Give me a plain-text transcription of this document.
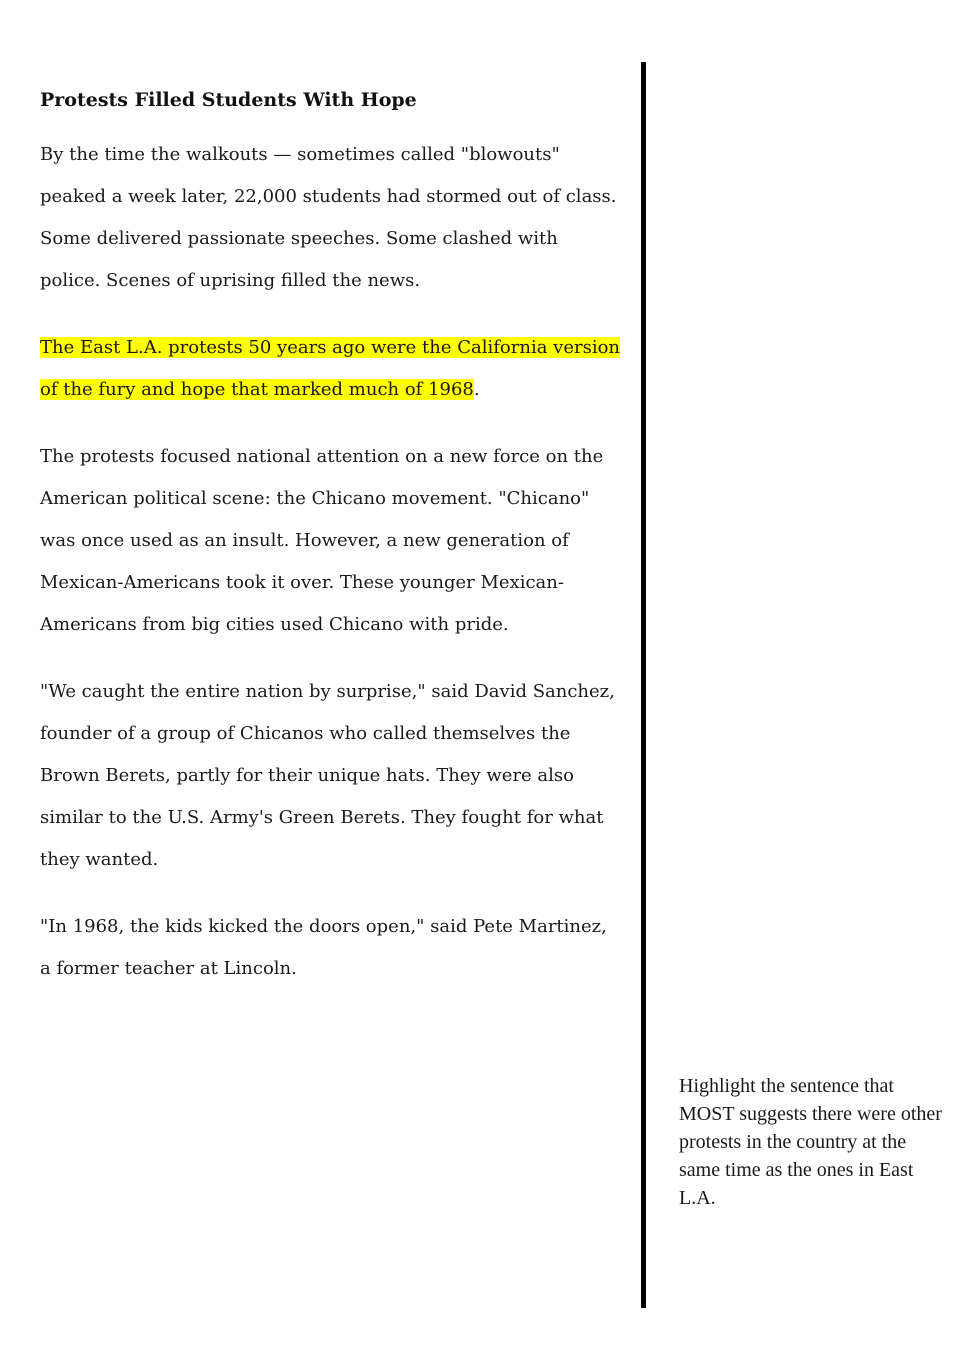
Protests Filled Students With Hope

By the time the walkouts — sometimes called "blowouts" peaked a week later, 22,000 students had stormed out of class. Some delivered passionate speeches. Some clashed with police. Scenes of uprising filled the news.

The East L.A. protests 50 years ago were the California version of the fury and hope that marked much of 1968.

The protests focused national attention on a new force on the American political scene: the Chicano movement. "Chicano" was once used as an insult. However, a new generation of Mexican-Americans took it over. These younger Mexican-Americans from big cities used Chicano with pride.

"We caught the entire nation by surprise," said David Sanchez, founder of a group of Chicanos who called themselves the Brown Berets, partly for their unique hats. They were also similar to the U.S. Army's Green Berets. They fought for what they wanted.

"In 1968, the kids kicked the doors open," said Pete Martinez, a former teacher at Lincoln.

Highlight the sentence that MOST suggests there were other protests in the country at the same time as the ones in East L.A.
